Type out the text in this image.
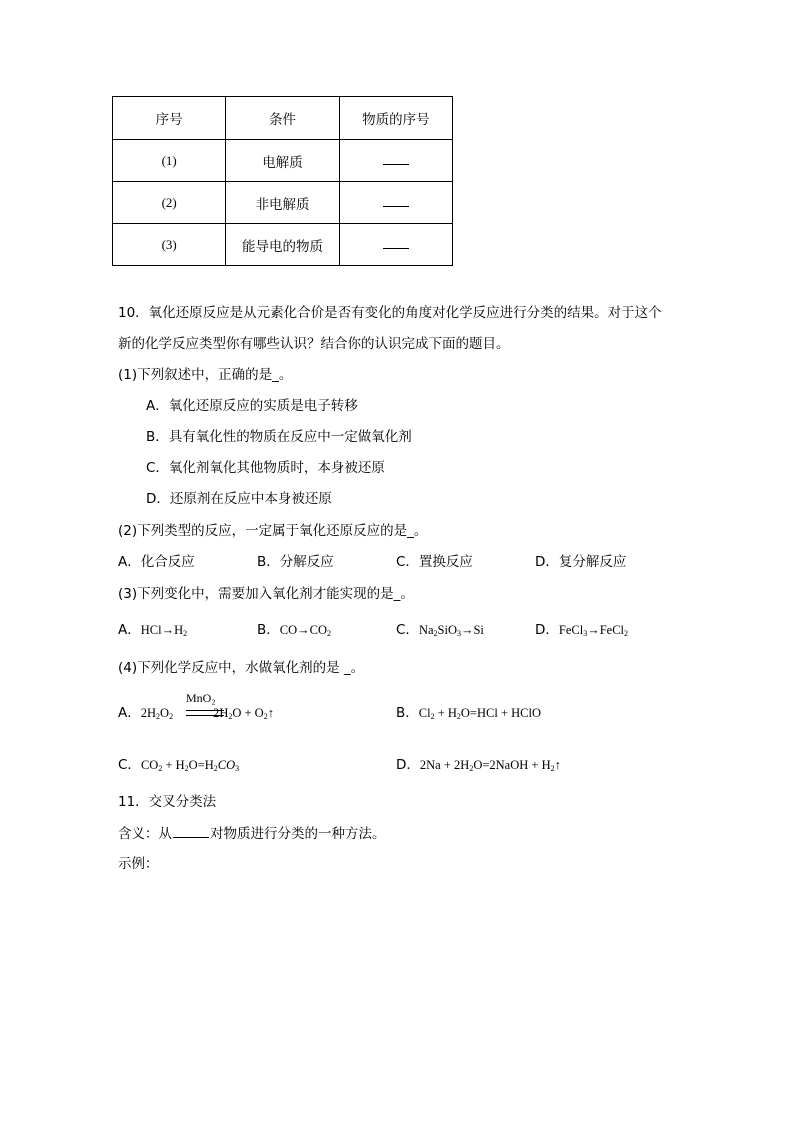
序号	条件	物质的序号
(1)	电解质	
(2)	非电解质	
(3)	能导电的物质	
10．氧化还原反应是从元素化合价是否有变化的角度对化学反应进行分类的结果。对于这个
新的化学反应类型你有哪些认识？结合你的认识完成下面的题目。
(1)下列叙述中，正确的是_。
A．氧化还原反应的实质是电子转移
B．具有氧化性的物质在反应中一定做氧化剂
C．氧化剂氧化其他物质时，本身被还原
D．还原剂在反应中本身被还原
(2)下列类型的反应，一定属于氧化还原反应的是_。
A．化合反应	B．分解反应	C．置换反应	D．复分解反应
(3)下列变化中，需要加入氧化剂才能实现的是_。
A．$HCl\to H_2$	B．$CO\to CO_2$	C．$Na_2SiO_3\to Si$	D．FeCl$_3$→FeCl$_2$
(4)下列化学反应中，水做氧化剂的是 _。
A．$2H_2O_2$	$2H_2O$ + $O_2↑$
MnO₂
B．$Cl_2 + H_2O=HCl$ + HClO
C．$CO_2 + H_2O=H_2CO_3$	D．$2Na + 2H_2O=2NaOH$ + $H_2↑$
11．交叉分类法
含义：从	对物质进行分类的一种方法。
示例：
